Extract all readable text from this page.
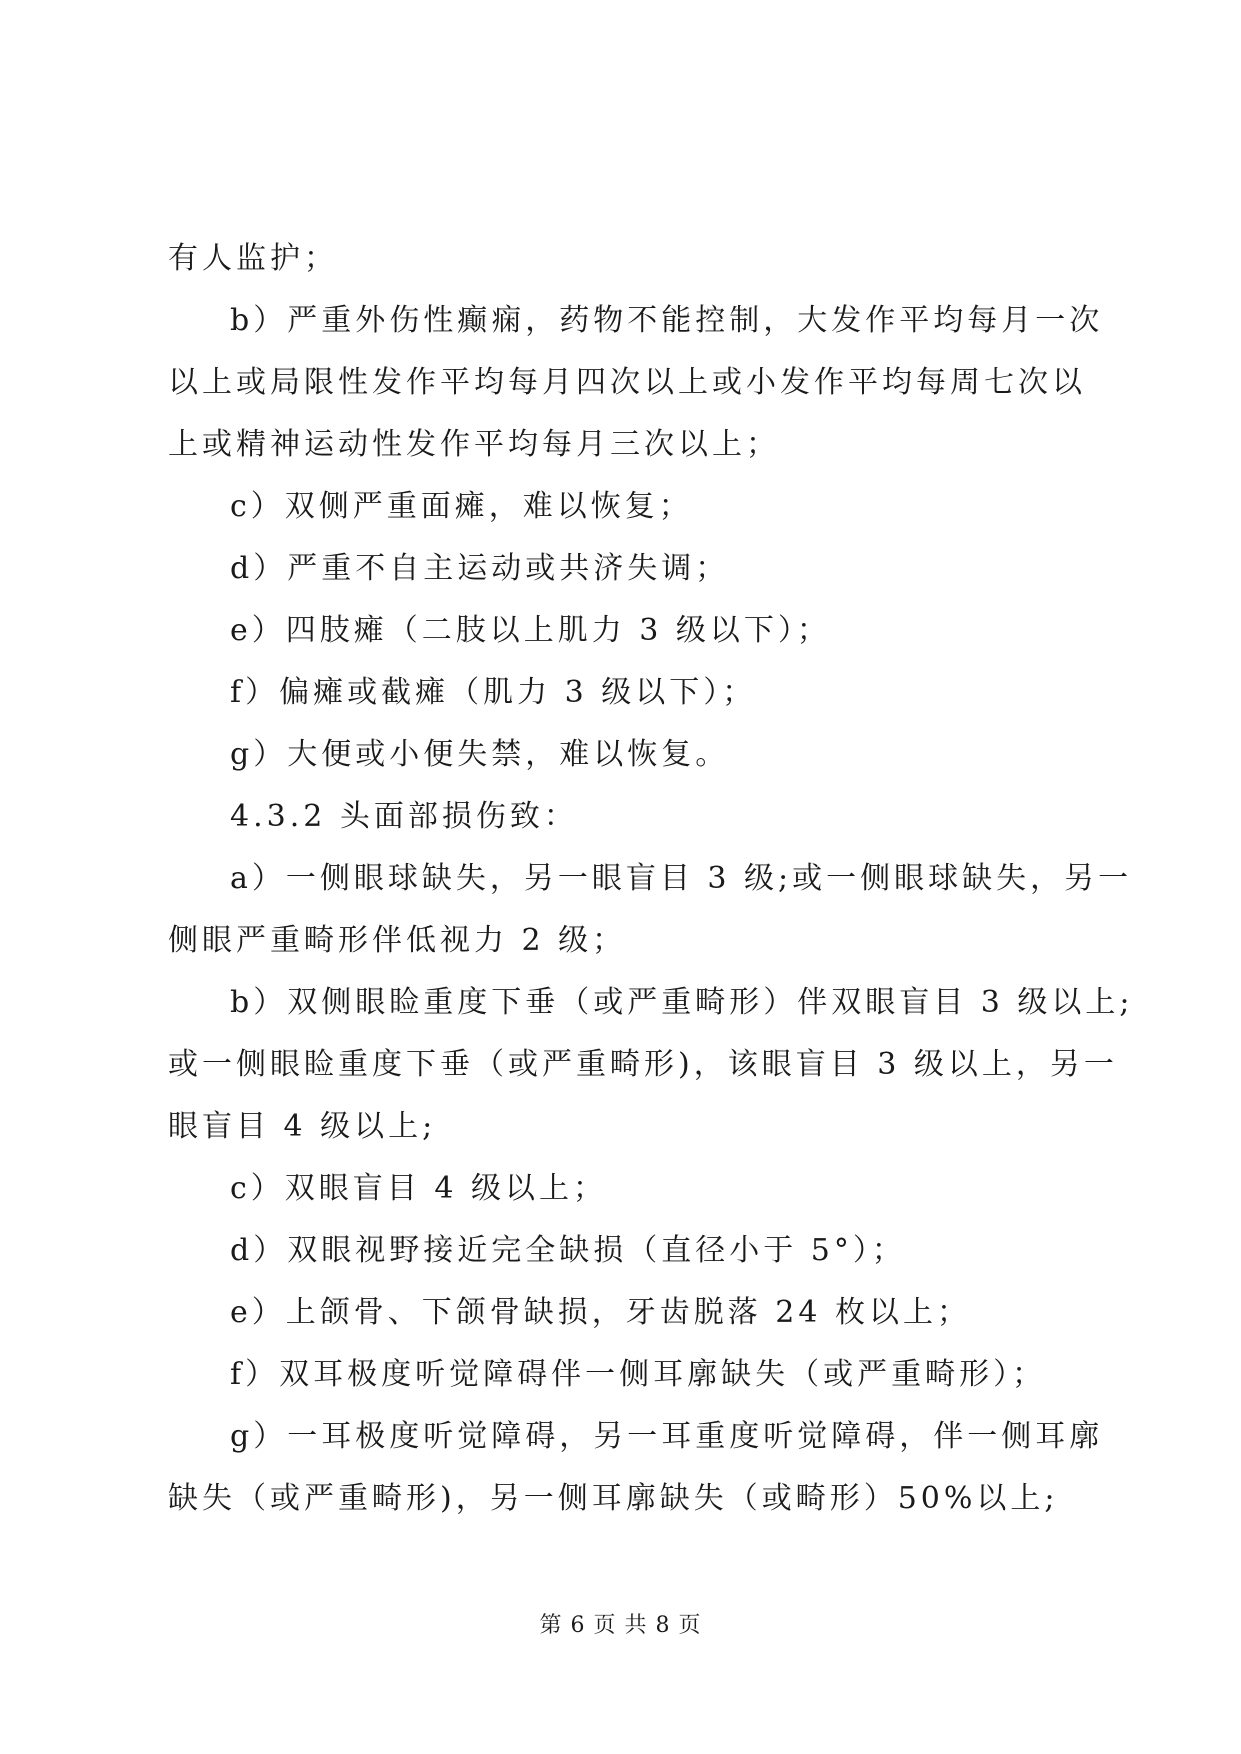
有人监护；

b）严重外伤性癫痫，药物不能控制，大发作平均每月一次

以上或局限性发作平均每月四次以上或小发作平均每周七次以

上或精神运动性发作平均每月三次以上；

c）双侧严重面瘫，难以恢复；

d）严重不自主运动或共济失调；

e）四肢瘫（二肢以上肌力 3 级以下）；

f）偏瘫或截瘫（肌力 3 级以下）；

g）大便或小便失禁，难以恢复。

4.3.2 头面部损伤致：

a）一侧眼球缺失，另一眼盲目 3 级;或一侧眼球缺失，另一

侧眼严重畸形伴低视力 2 级；

b）双侧眼睑重度下垂（或严重畸形）伴双眼盲目 3 级以上;

或一侧眼睑重度下垂（或严重畸形)，该眼盲目 3 级以上，另一

眼盲目 4 级以上;

c）双眼盲目 4 级以上；

d）双眼视野接近完全缺损（直径小于 5°）；

e）上颌骨、下颌骨缺损，牙齿脱落 24 枚以上；

f）双耳极度听觉障碍伴一侧耳廓缺失（或严重畸形）；

g）一耳极度听觉障碍，另一耳重度听觉障碍，伴一侧耳廓

缺失（或严重畸形)，另一侧耳廓缺失（或畸形）50%以上;

第 6 页 共 8 页
